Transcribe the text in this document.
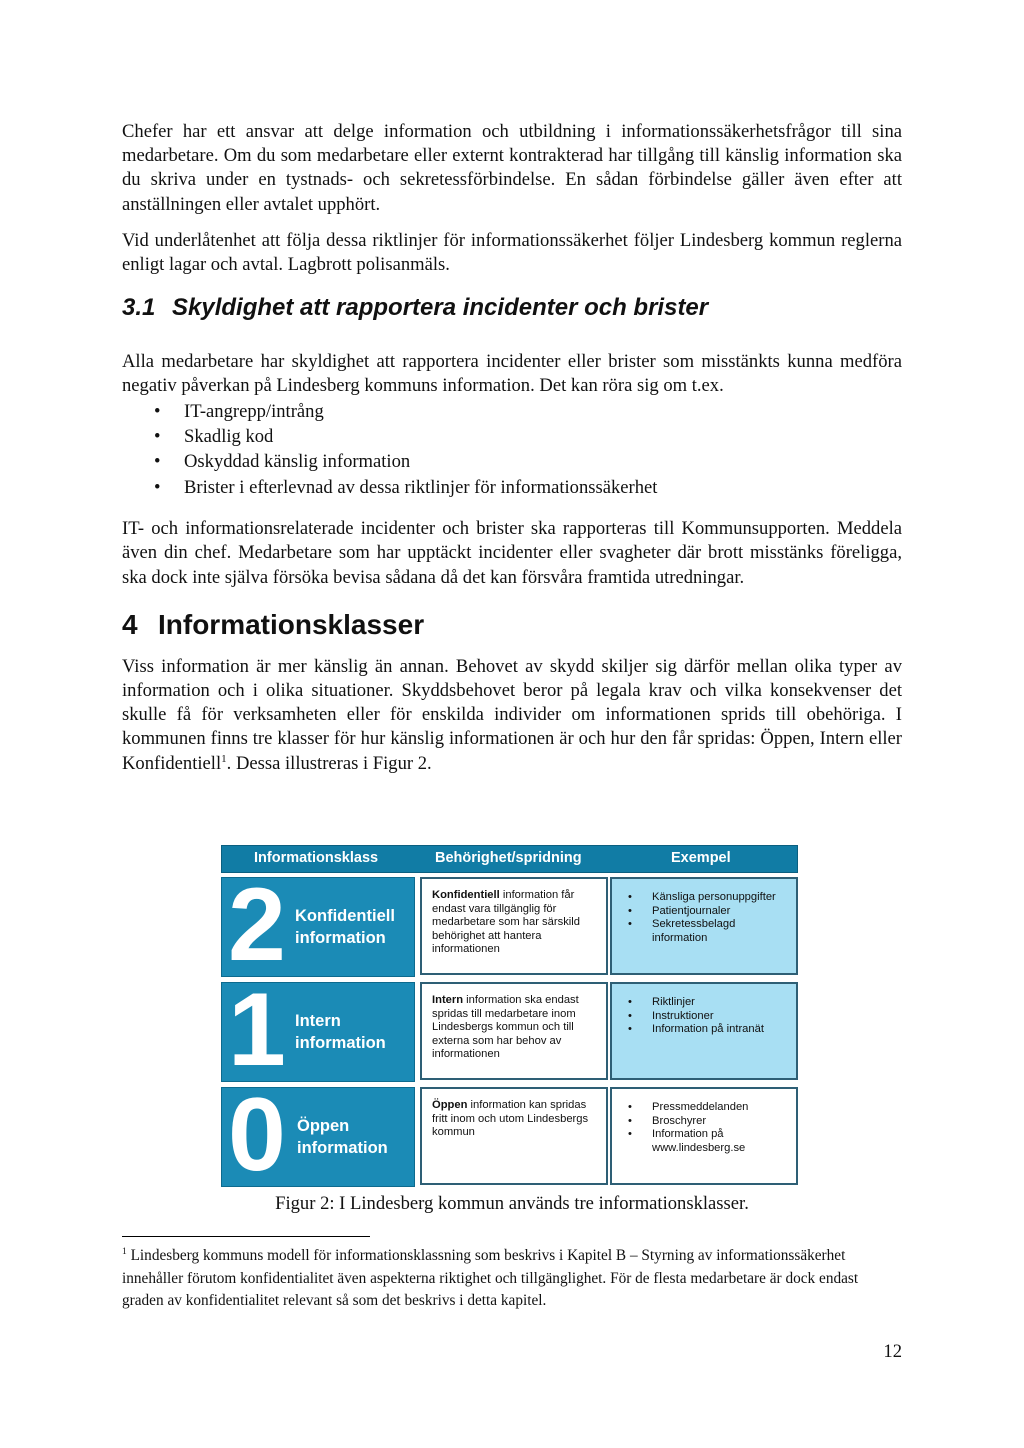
Chefer har ett ansvar att delge information och utbildning i informationssäkerhetsfrågor till sina medarbetare. Om du som medarbetare eller externt kontrakterad har tillgång till känslig information ska du skriva under en tystnads- och sekretessförbindelse. En sådan förbindelse gäller även efter att anställningen eller avtalet upphört.

Vid underlåtenhet att följa dessa riktlinjer för informationssäkerhet följer Lindesberg kommun reglerna enligt lagar och avtal. Lagbrott polisanmäls.

3.1 Skyldighet att rapportera incidenter och brister

Alla medarbetare har skyldighet att rapportera incidenter eller brister som misstänkts kunna medföra negativ påverkan på Lindesberg kommuns information. Det kan röra sig om t.ex.

• IT-angrepp/intrång
• Skadlig kod
• Oskyddad känslig information
• Brister i efterlevnad av dessa riktlinjer för informationssäkerhet

IT- och informationsrelaterade incidenter och brister ska rapporteras till Kommunsupporten. Meddela även din chef. Medarbetare som har upptäckt incidenter eller svagheter där brott misstänks föreligga, ska dock inte själva försöka bevisa sådana då det kan försvåra framtida utredningar.

4 Informationsklasser

Viss information är mer känslig än annan. Behovet av skydd skiljer sig därför mellan olika typer av information och i olika situationer. Skyddsbehovet beror på legala krav och vilka konsekvenser det skulle få för verksamheten eller för enskilda individer om informationen sprids till obehöriga. I kommunen finns tre klasser för hur känslig informationen är och hur den får spridas: Öppen, Intern eller Konfidentiell$^1$. Dessa illustreras i Figur 2.

Informationsklass	Behörighet/spridning	Exempel
2 Konfidentiell
information
Konfidentiell information får endast vara tillgänglig för medarbetare som har särskild behörighet att hantera informationen
• Känsliga personuppgifter
• Patientjournaler
• Sekretessbelagd information
1 Intern
information
Intern information ska endast spridas till medarbetare inom Lindesbergs kommun och till externa som har behov av informationen
• Riktlinjer
• Instruktioner
• Information på intranät
0 Öppen
information
Öppen information kan spridas fritt inom och utom Lindesbergs kommun
• Pressmeddelanden
• Broschyrer
• Information på www.lindesberg.se
Figur 2: I Lindesberg kommun används tre informationsklasser.
$^1$ Lindesberg kommuns modell för informationsklassning som beskrivs i Kapitel B – Styrning av informationssäkerhet innehåller förutom konfidentialitet även aspekterna riktighet och tillgänglighet. För de flesta medarbetare är dock endast graden av konfidentialitet relevant så som det beskrivs i detta kapitel.
12
